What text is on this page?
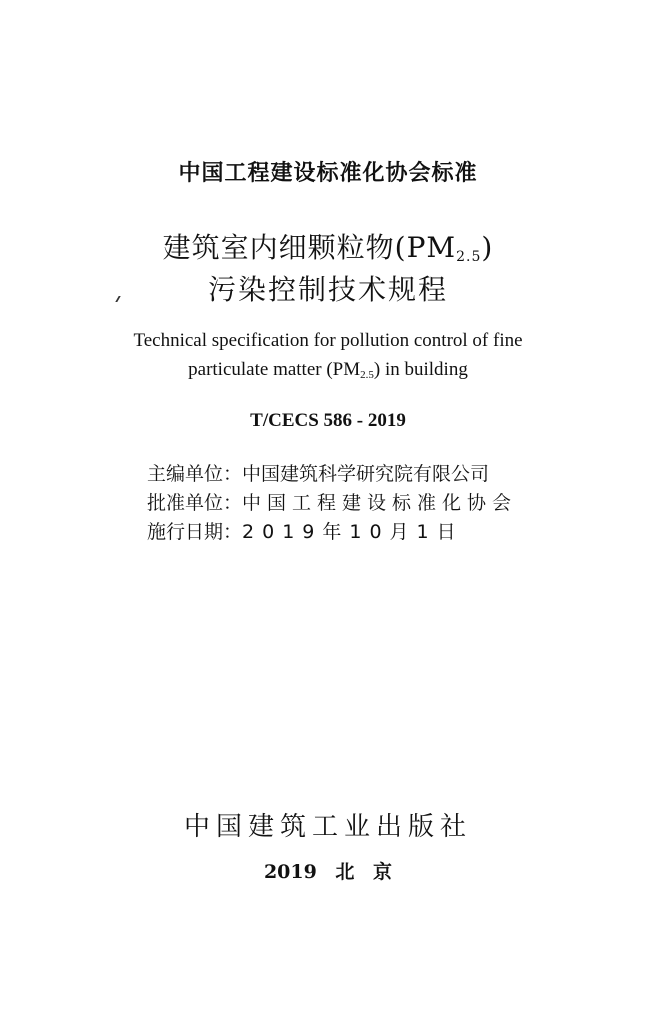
中国工程建设标准化协会标准
建筑室内细颗粒物(PM2.5)
污染控制技术规程
Technical specification for pollution control of fine
particulate matter (PM2.5) in building
T/CECS 586 - 2019
主编单位：中国建筑科学研究院有限公司
批准单位：中国工程建设标准化协会
施行日期：2019年10月1日
中国建筑工业出版社
2019 北 京
